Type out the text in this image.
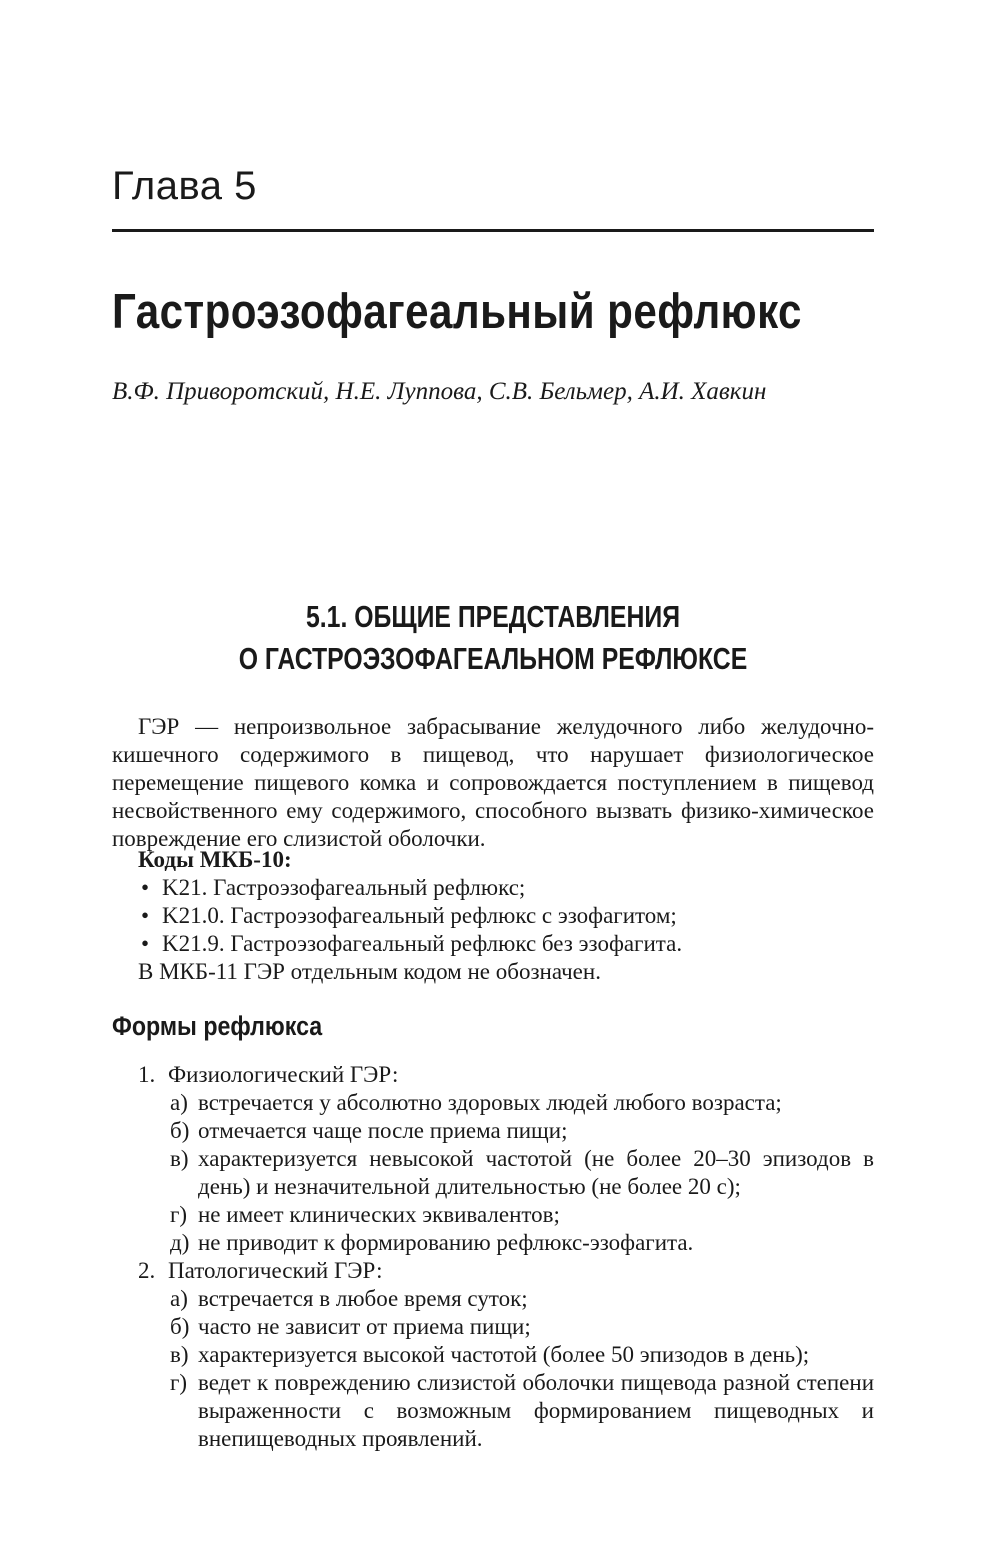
Глава 5
Гастроэзофагеальный рефлюкс

В.Ф. Приворотский, Н.Е. Луппова, С.В. Бельмер, А.И. Хавкин

5.1. ОБЩИЕ ПРЕДСТАВЛЕНИЯ
О ГАСТРОЭЗОФАГЕАЛЬНОМ РЕФЛЮКСЕ

ГЭР — непроизвольное забрасывание желудочного либо желудочно-кишечного содержимого в пищевод, что нарушает физиологическое перемещение пищевого комка и сопровождается поступлением в пищевод несвойственного ему содержимого, способного вызвать физико-химическое повреждение его слизистой оболочки.

Коды МКБ-10:

• K21. Гастроэзофагеальный рефлюкс;
• K21.0. Гастроэзофагеальный рефлюкс с эзофагитом;
• K21.9. Гастроэзофагеальный рефлюкс без эзофагита.

В МКБ-11 ГЭР отдельным кодом не обозначен.

Формы рефлюкса
1. Физиологический ГЭР:
а) встречается у абсолютно здоровых людей любого возраста;
б) отмечается чаще после приема пищи;
в) характеризуется невысокой частотой (не более 20–30 эпизодов в день) и незначительной длительностью (не более 20 с);
г) не имеет клинических эквивалентов;
д) не приводит к формированию рефлюкс-эзофагита.
2. Патологический ГЭР:
а) встречается в любое время суток;
б) часто не зависит от приема пищи;
в) характеризуется высокой частотой (более 50 эпизодов в день);
г) ведет к повреждению слизистой оболочки пищевода разной степени выраженности с возможным формированием пищеводных и внепищеводных проявлений.
